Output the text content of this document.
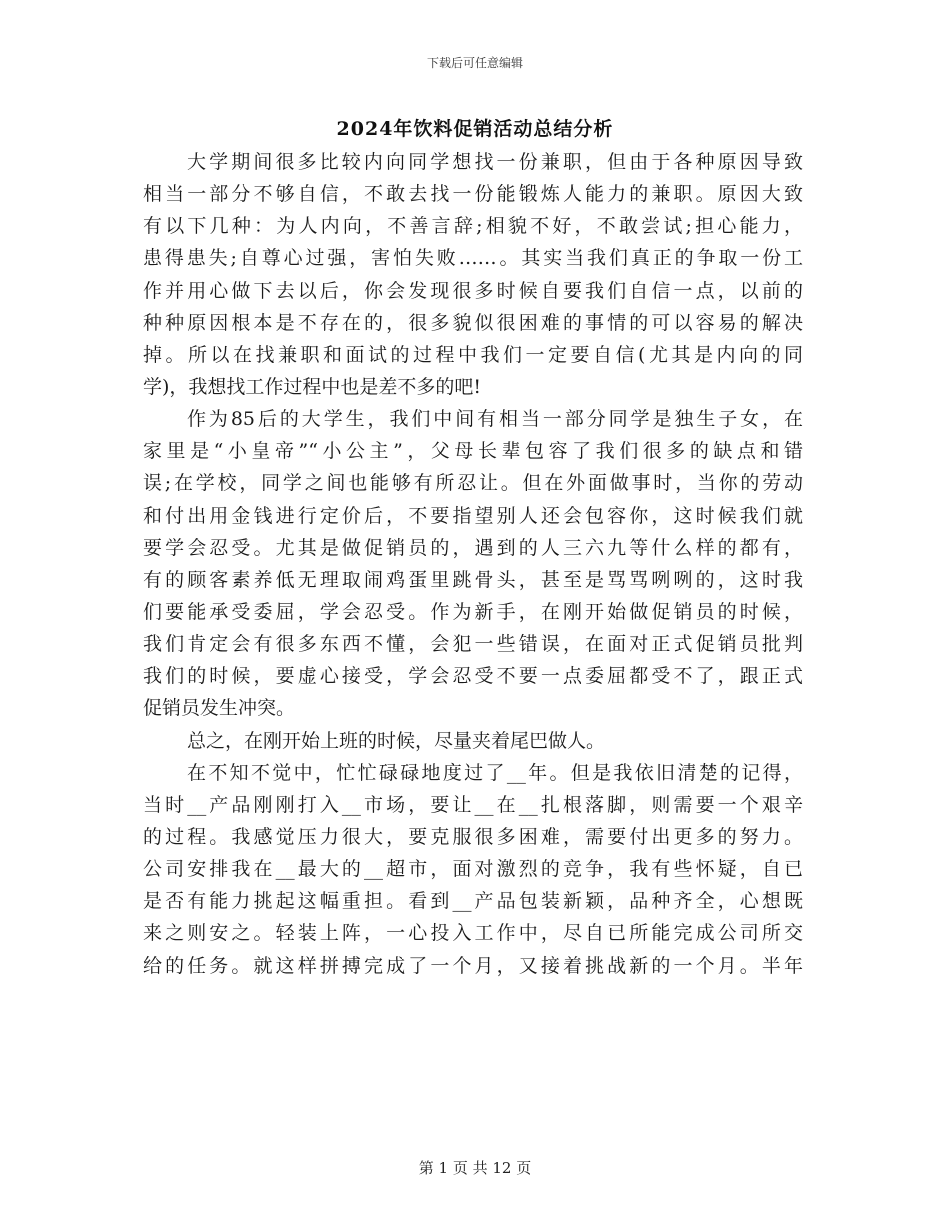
下载后可任意编辑
2024年饮料促销活动总结分析
大学期间很多比较内向同学想找一份兼职，但由于各种原因导致
相当一部分不够自信，不敢去找一份能锻炼人能力的兼职。原因大致
有以下几种：为人内向，不善言辞;相貌不好，不敢尝试;担心能力，
患得患失;自尊心过强，害怕失败……。其实当我们真正的争取一份工
作并用心做下去以后，你会发现很多时候自要我们自信一点，以前的
种种原因根本是不存在的，很多貌似很困难的事情的可以容易的解决
掉。所以在找兼职和面试的过程中我们一定要自信(尤其是内向的同
学)，我想找工作过程中也是差不多的吧!
作为85后的大学生，我们中间有相当一部分同学是独生子女，在
家里是“小皇帝”“小公主”，父母长辈包容了我们很多的缺点和错
误;在学校，同学之间也能够有所忍让。但在外面做事时，当你的劳动
和付出用金钱进行定价后，不要指望别人还会包容你，这时候我们就
要学会忍受。尤其是做促销员的，遇到的人三六九等什么样的都有，
有的顾客素养低无理取闹鸡蛋里跳骨头，甚至是骂骂咧咧的，这时我
们要能承受委屈，学会忍受。作为新手，在刚开始做促销员的时候，
我们肯定会有很多东西不懂，会犯一些错误，在面对正式促销员批判
我们的时候，要虚心接受，学会忍受不要一点委屈都受不了，跟正式
促销员发生冲突。
总之，在刚开始上班的时候，尽量夹着尾巴做人。
在不知不觉中，忙忙碌碌地度过了__年。但是我依旧清楚的记得，
当时__产品刚刚打入__市场，要让__在__扎根落脚，则需要一个艰辛
的过程。我感觉压力很大，要克服很多困难，需要付出更多的努力。
公司安排我在__最大的__超市，面对激烈的竞争，我有些怀疑，自已
是否有能力挑起这幅重担。看到__产品包装新颖，品种齐全，心想既
来之则安之。轻装上阵，一心投入工作中，尽自已所能完成公司所交
给的任务。就这样拼搏完成了一个月，又接着挑战新的一个月。半年
第 1 页 共 12 页
